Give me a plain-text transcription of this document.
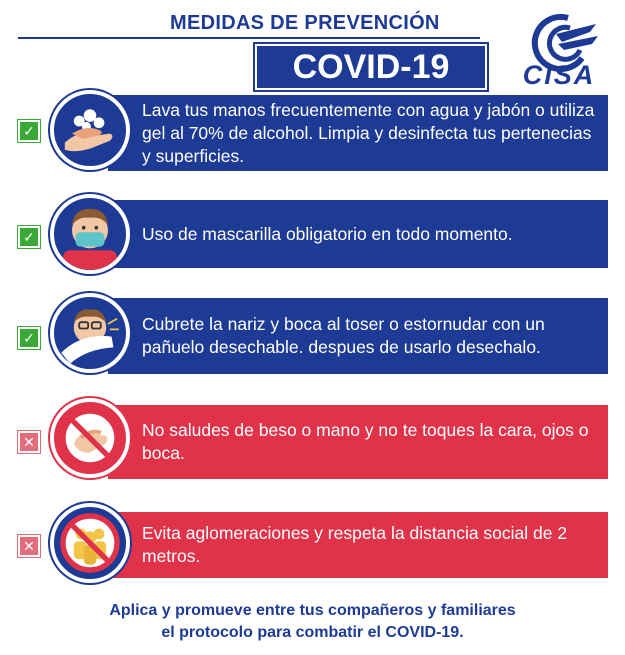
MEDIDAS DE PREVENCIÓN
COVID-19	CISA
Lava tus manos frecuentemente con agua y jabón o utiliza gel al 70% de alcohol. Limpia y desinfecta tus pertenecias y superficies.
✓
Uso de mascarilla obligatorio en todo momento.
✓
Cubrete la nariz y boca al toser o estornudar con un pañuelo desechable. despues de usarlo desechalo.
✓
No saludes de beso o mano y no te toques la cara, ojos o boca.
✕
Evita aglomeraciones y respeta la distancia social de 2 metros.
✕
Aplica y promueve entre tus compañeros y familiares
el protocolo para combatir el COVID-19.
